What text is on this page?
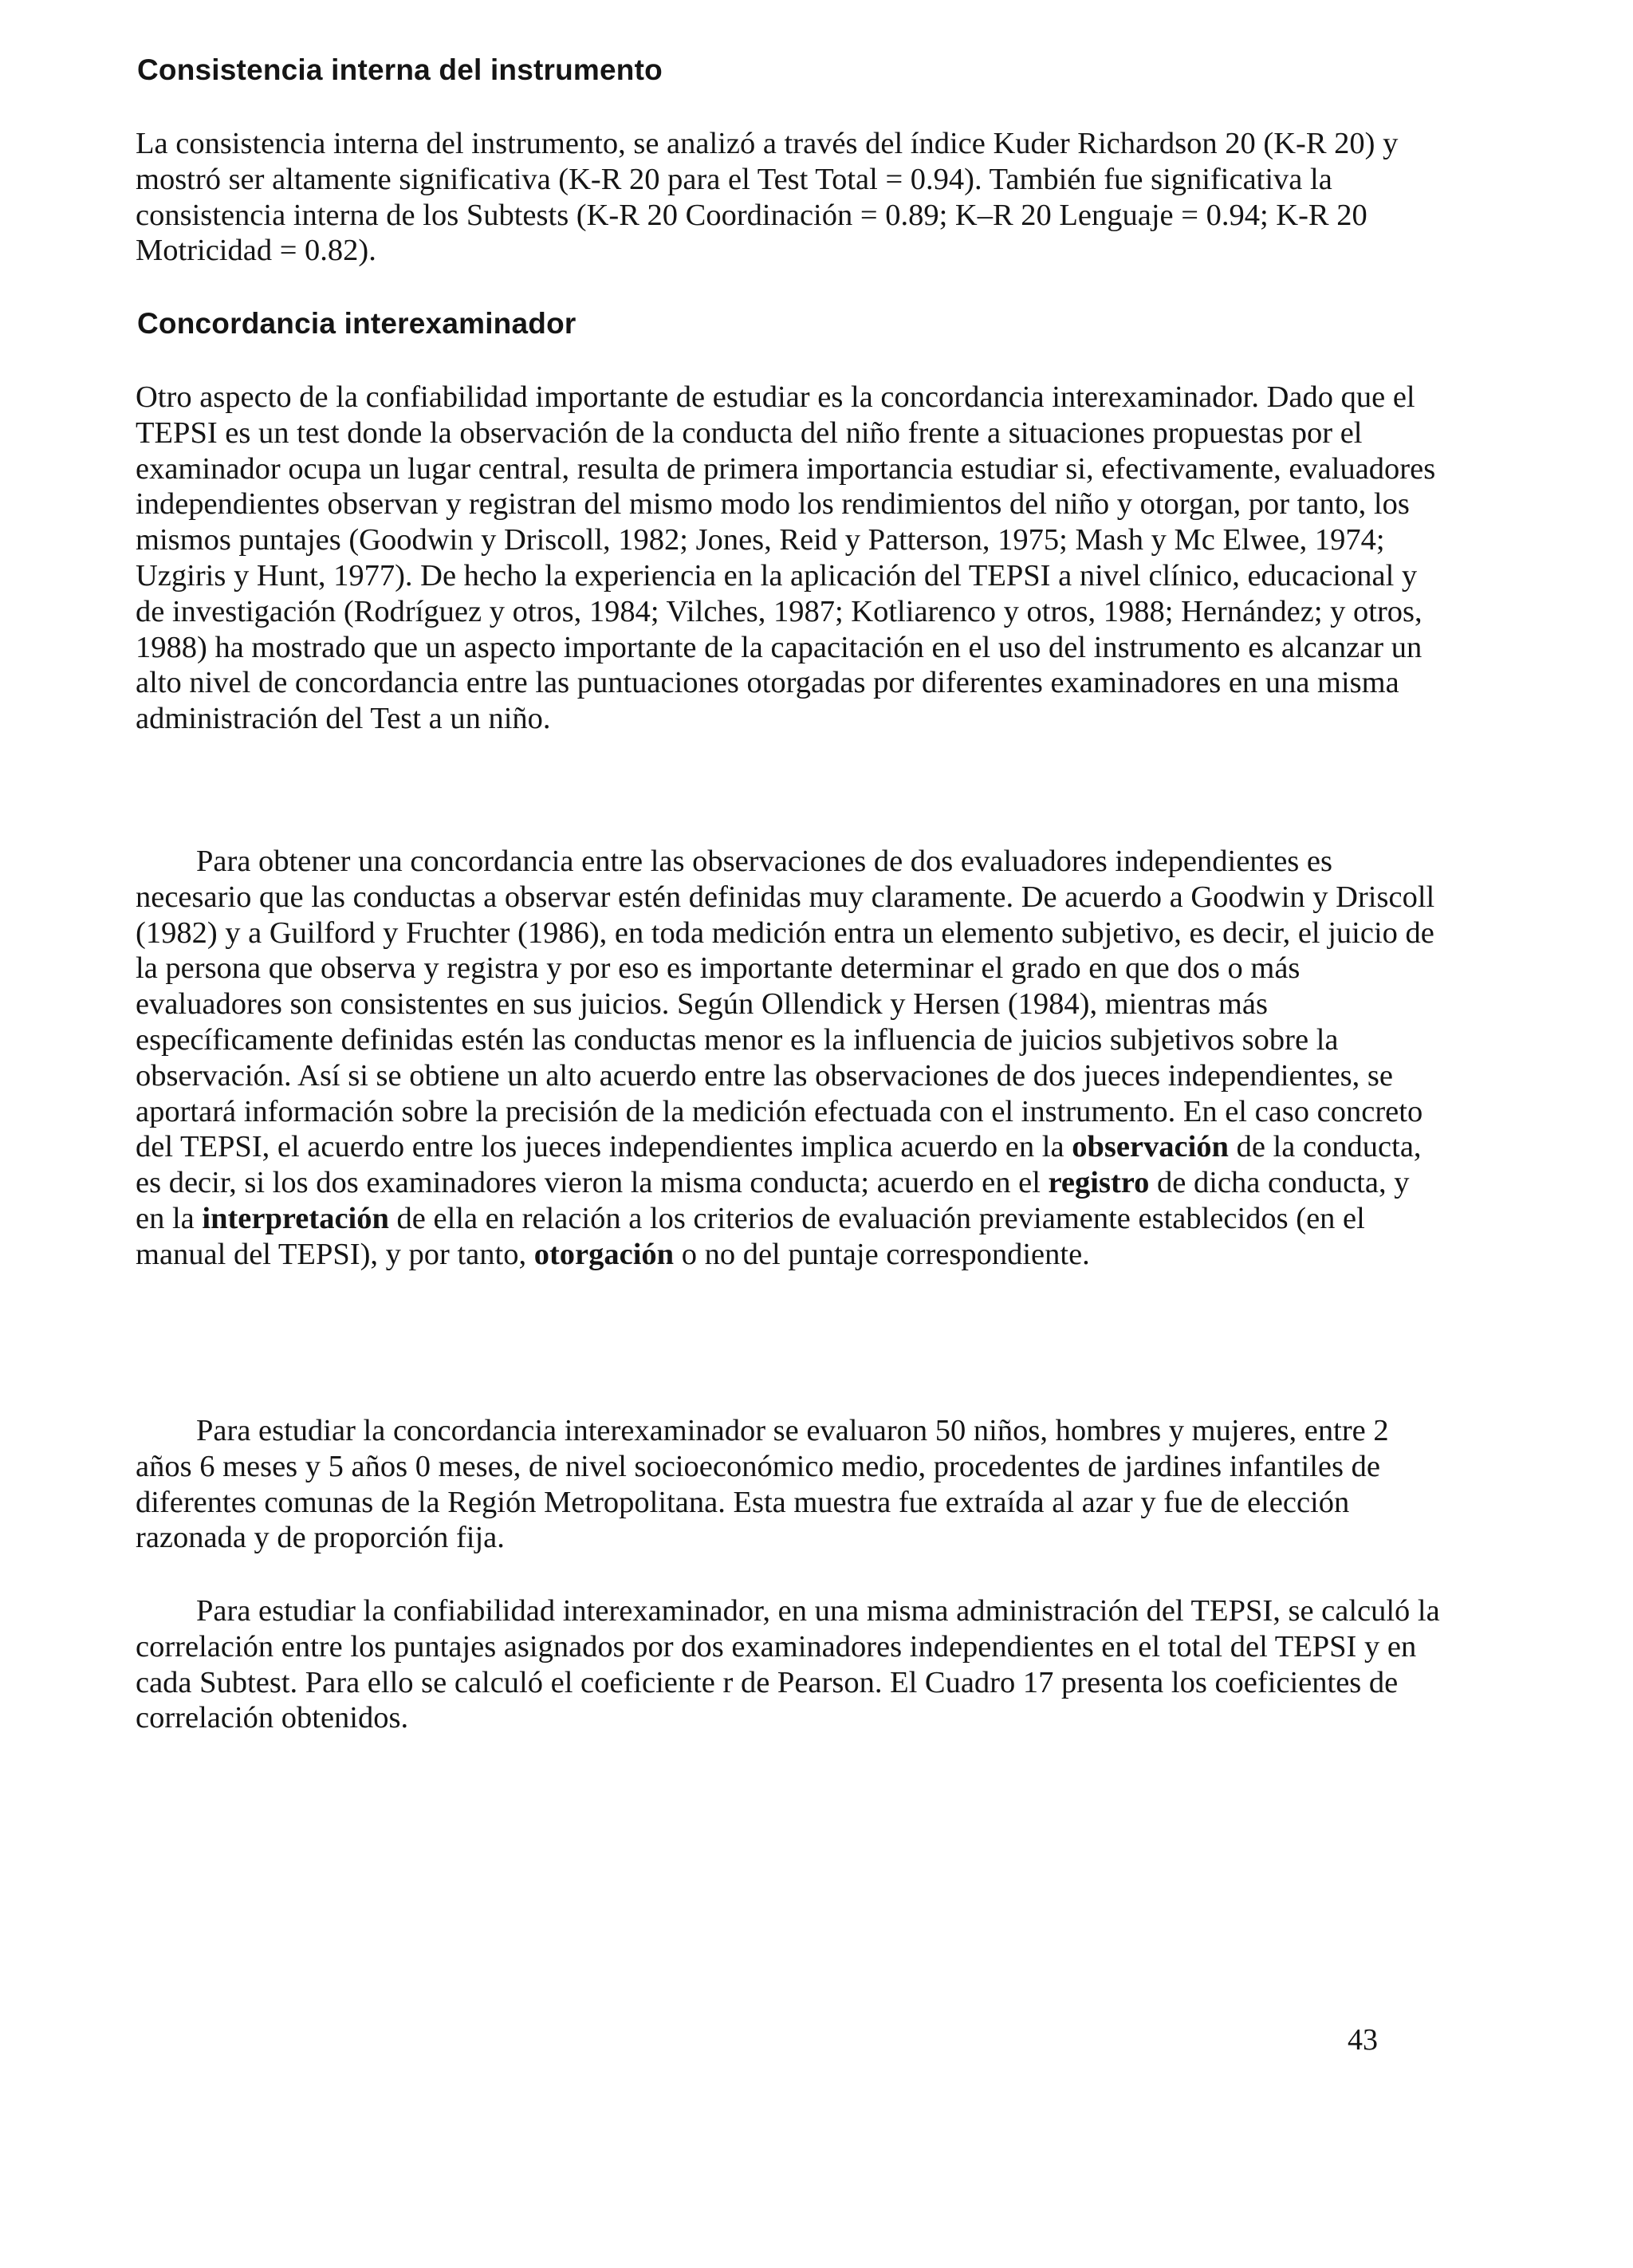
Consistencia interna del instrumento

La consistencia interna del instrumento, se analizó a través del índice Kuder Richardson 20 (K-R 20) y mostró ser altamente significativa (K-R 20 para el Test Total = 0.94). También fue significativa la consistencia interna de los Subtests (K-R 20 Coordinación = 0.89; K–R 20 Lenguaje = 0.94; K-R 20 Motricidad = 0.82).

Concordancia interexaminador

Otro aspecto de la confiabilidad importante de estudiar es la concordancia interexaminador. Dado que el TEPSI es un test donde la observación de la conducta del niño frente a situaciones propuestas por el examinador ocupa un lugar central, resulta de primera importancia estudiar si, efectivamente, evaluadores independientes observan y registran del mismo modo los rendimientos del niño y otorgan, por tanto, los mismos puntajes (Goodwin y Driscoll, 1982; Jones, Reid y Patterson, 1975; Mash y Mc Elwee, 1974; Uzgiris y Hunt, 1977). De hecho la experiencia en la aplicación del TEPSI a nivel clínico, educacional y de investigación (Rodríguez y otros, 1984; Vilches, 1987; Kotliarenco y otros, 1988; Hernández; y otros, 1988) ha mostrado que un aspecto importante de la capacitación en el uso del instrumento es alcanzar un alto nivel de concordancia entre las puntuaciones otorgadas por diferentes examinadores en una misma administración del Test a un niño.

Para obtener una concordancia entre las observaciones de dos evaluadores independientes es necesario que las conductas a observar estén definidas muy claramente. De acuerdo a Goodwin y Driscoll (1982) y a Guilford y Fruchter (1986), en toda medición entra un elemento subjetivo, es decir, el juicio de la persona que observa y registra y por eso es importante determinar el grado en que dos o más evaluadores son consistentes en sus juicios. Según Ollendick y Hersen (1984), mientras más específicamente definidas estén las conductas menor es la influencia de juicios subjetivos sobre la observación. Así si se obtiene un alto acuerdo entre las observaciones de dos jueces independientes, se aportará información sobre la precisión de la medición efectuada con el instrumento. En el caso concreto del TEPSI, el acuerdo entre los jueces independientes implica acuerdo en la observación de la conducta, es decir, si los dos examinadores vieron la misma conducta; acuerdo en el registro de dicha conducta, y en la interpretación de ella en relación a los criterios de evaluación previamente establecidos (en el manual del TEPSI), y por tanto, otorgación o no del puntaje correspondiente.

Para estudiar la concordancia interexaminador se evaluaron 50 niños, hombres y mujeres, entre 2 años 6 meses y 5 años 0 meses, de nivel socioeconómico medio, procedentes de jardines infantiles de diferentes comunas de la Región Metropolitana. Esta muestra fue extraída al azar y fue de elección razonada y de proporción fija.

Para estudiar la confiabilidad interexaminador, en una misma administración del TEPSI, se calculó la correlación entre los puntajes asignados por dos examinadores independientes en el total del TEPSI y en cada Subtest. Para ello se calculó el coeficiente r de Pearson. El Cuadro 17 presenta los coeficientes de correlación obtenidos.

43
